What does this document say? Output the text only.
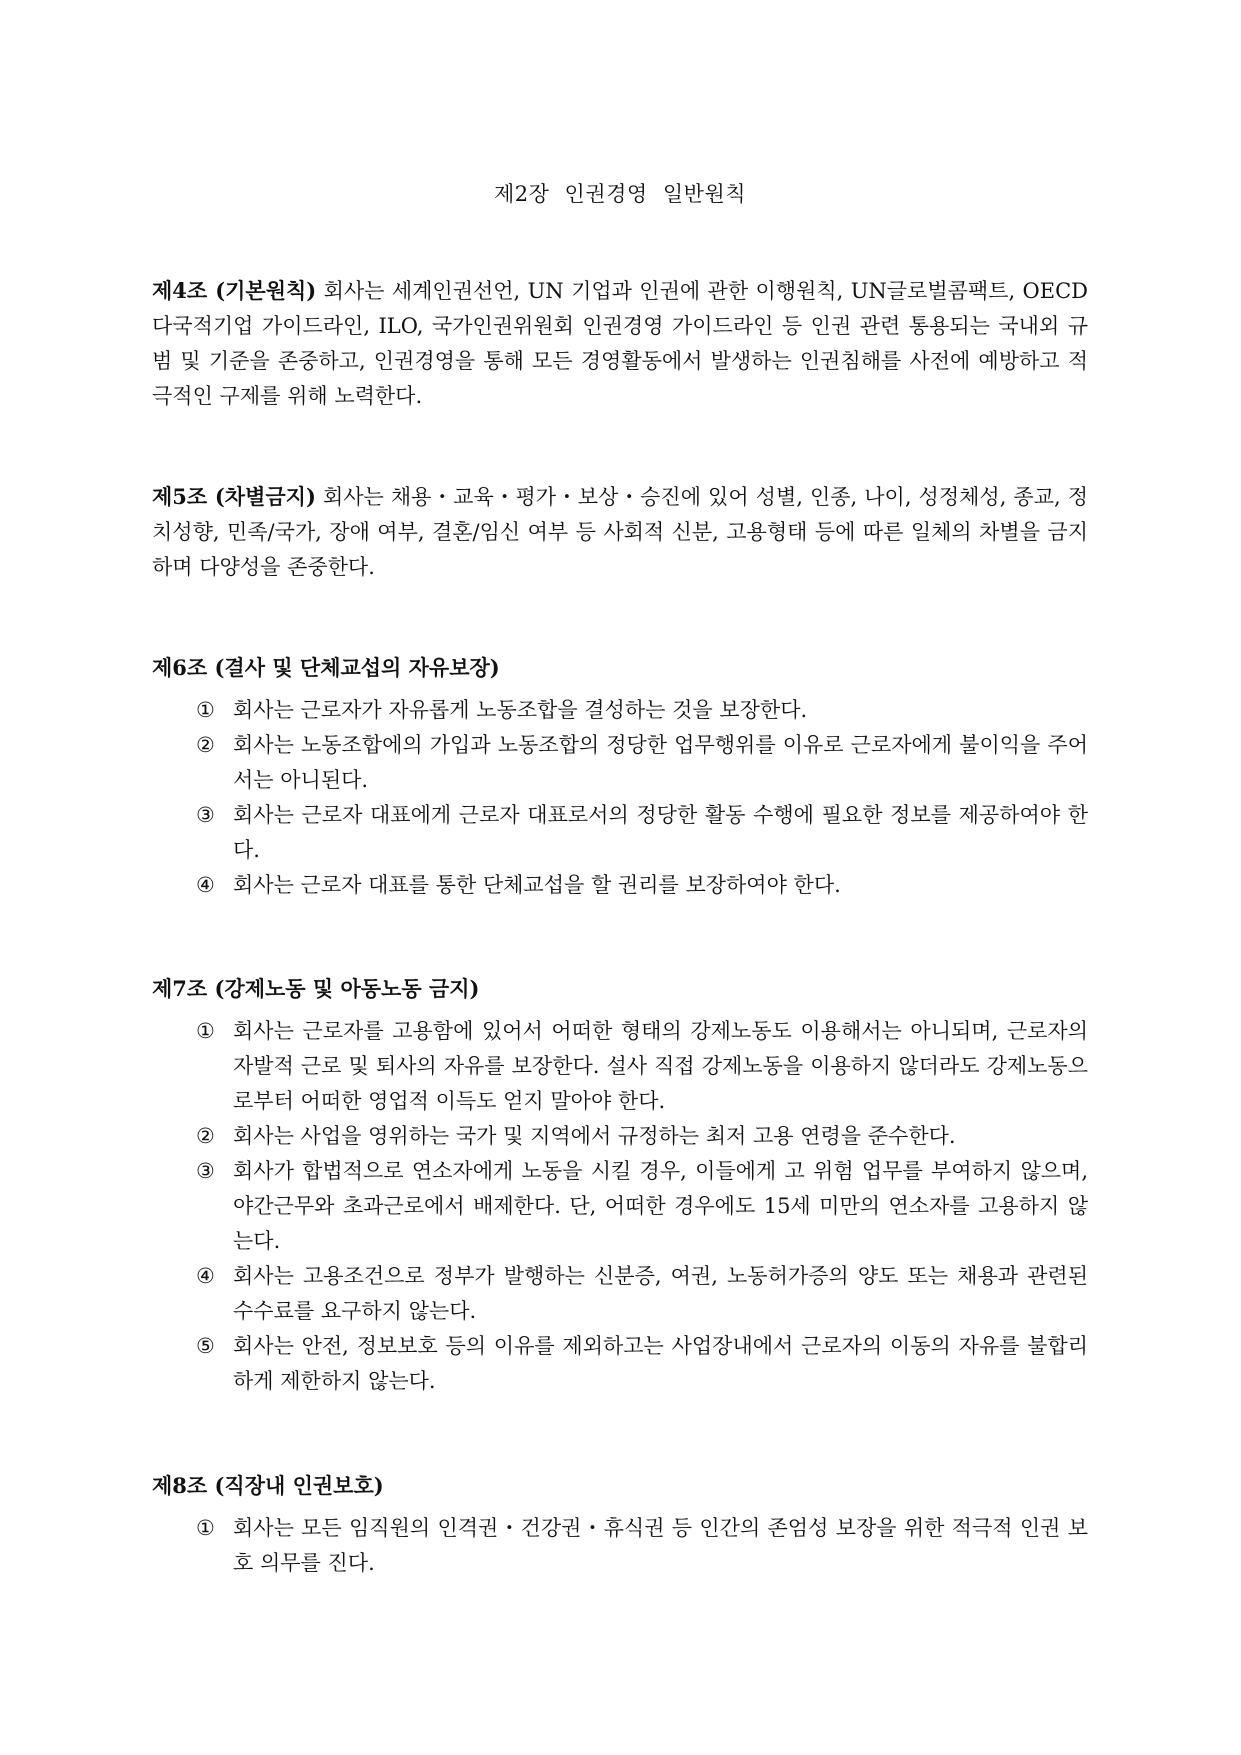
제2장 인권경영 일반원칙

제4조 (기본원칙) 회사는 세계인권선언, UN 기업과 인권에 관한 이행원칙, UN글로벌콤팩트, OECD 다국적기업 가이드라인, ILO, 국가인권위원회 인권경영 가이드라인 등 인권 관련 통용되는 국내외 규범 및 기준을 존중하고, 인권경영을 통해 모든 경영활동에서 발생하는 인권침해를 사전에 예방하고 적극적인 구제를 위해 노력한다.

제5조 (차별금지) 회사는 채용・교육・평가・보상・승진에 있어 성별, 인종, 나이, 성정체성, 종교, 정치성향, 민족/국가, 장애 여부, 결혼/임신 여부 등 사회적 신분, 고용형태 등에 따른 일체의 차별을 금지하며 다양성을 존중한다.

제6조 (결사 및 단체교섭의 자유보장)
① 회사는 근로자가 자유롭게 노동조합을 결성하는 것을 보장한다.
② 회사는 노동조합에의 가입과 노동조합의 정당한 업무행위를 이유로 근로자에게 불이익을 주어서는 아니된다.
③ 회사는 근로자 대표에게 근로자 대표로서의 정당한 활동 수행에 필요한 정보를 제공하여야 한다.
④ 회사는 근로자 대표를 통한 단체교섭을 할 권리를 보장하여야 한다.
제7조 (강제노동 및 아동노동 금지)
① 회사는 근로자를 고용함에 있어서 어떠한 형태의 강제노동도 이용해서는 아니되며, 근로자의 자발적 근로 및 퇴사의 자유를 보장한다. 설사 직접 강제노동을 이용하지 않더라도 강제노동으로부터 어떠한 영업적 이득도 얻지 말아야 한다.
② 회사는 사업을 영위하는 국가 및 지역에서 규정하는 최저 고용 연령을 준수한다.
③ 회사가 합법적으로 연소자에게 노동을 시킬 경우, 이들에게 고 위험 업무를 부여하지 않으며, 야간근무와 초과근로에서 배제한다. 단, 어떠한 경우에도 15세 미만의 연소자를 고용하지 않는다.
④ 회사는 고용조건으로 정부가 발행하는 신분증, 여권, 노동허가증의 양도 또는 채용과 관련된 수수료를 요구하지 않는다.
⑤ 회사는 안전, 정보보호 등의 이유를 제외하고는 사업장내에서 근로자의 이동의 자유를 불합리하게 제한하지 않는다.
제8조 (직장내 인권보호)
① 회사는 모든 임직원의 인격권・건강권・휴식권 등 인간의 존엄성 보장을 위한 적극적 인권 보호 의무를 진다.
